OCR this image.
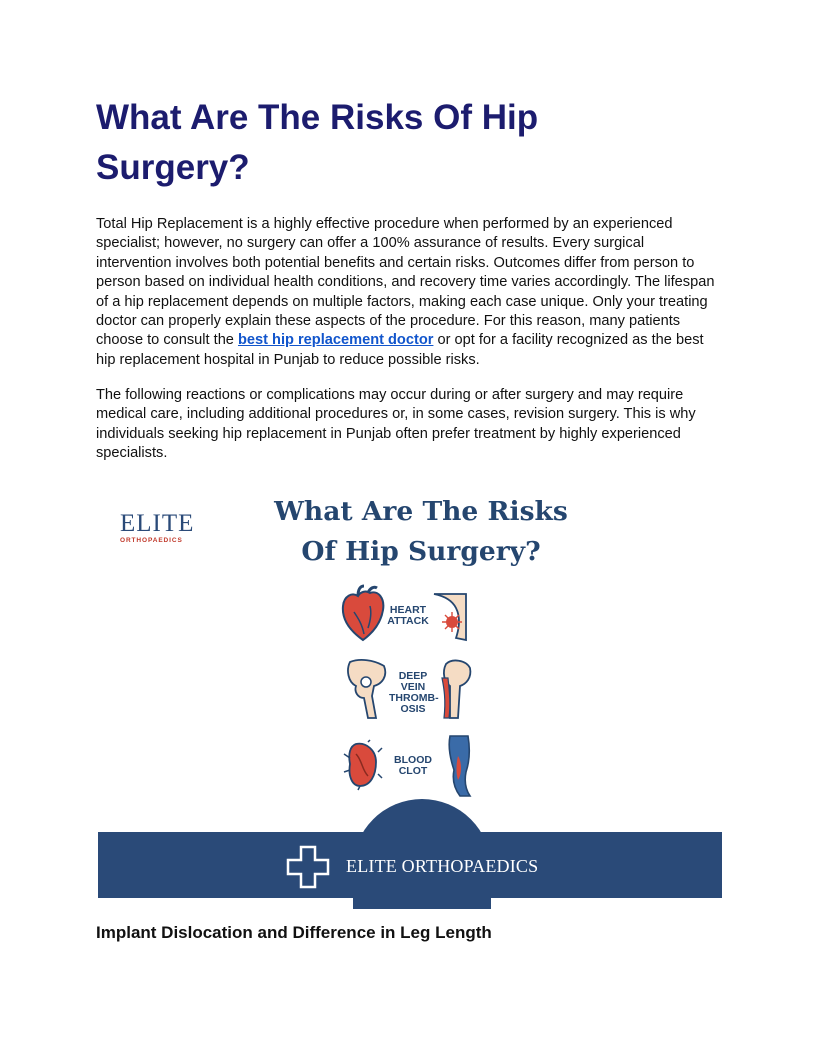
What Are The Risks Of Hip Surgery?

Total Hip Replacement is a highly effective procedure when performed by an experienced specialist; however, no surgery can offer a 100% assurance of results. Every surgical intervention involves both potential benefits and certain risks. Outcomes differ from person to person based on individual health conditions, and recovery time varies accordingly. The lifespan of a hip replacement depends on multiple factors, making each case unique. Only your treating doctor can properly explain these aspects of the procedure. For this reason, many patients choose to consult the best hip replacement doctor or opt for a facility recognized as the best hip replacement hospital in Punjab to reduce possible risks.

The following reactions or complications may occur during or after surgery and may require medical care, including additional procedures or, in some cases, revision surgery. This is why individuals seeking hip replacement in Punjab often prefer treatment by highly experienced specialists.

ELITE
ORTHOPAEDICS
What Are The Risks
Of Hip Surgery?
HEART
ATTACK
DEEP
VEIN
THROMB-
OSIS
BLOOD
CLOT
ELITE ORTHOPAEDICS
Implant Dislocation and Difference in Leg Length
